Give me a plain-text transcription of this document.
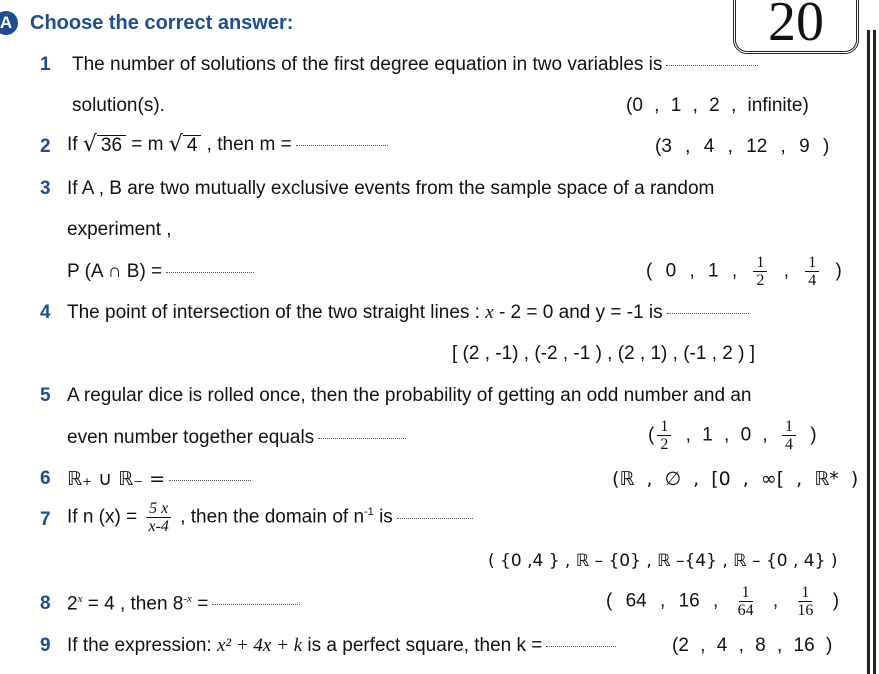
A Choose the correct answer:	20
1 The number of solutions of the first degree equation in two variables is
solution(s).	(0 , 1 , 2 , infinite)
2 If √ 36 = m √ 4 , then m =	(3 , 4 , 12 , 9 )
3 If A , B are two mutually exclusive events from the sample space of a random
experiment ,
P (A ∩ B) =	( 0 , 1 , $\frac{1}{2}$ , $\frac{1}{4}$ )
4 The point of intersection of the two straight lines : x - 2 = 0 and y = -1 is
[ (2 , -1) , (-2 , -1 ) , (2 , 1) , (-1 , 2 ) ]
5 A regular dice is rolled once, then the probability of getting an odd number and an
even number together equals	( $\frac{1}{2}$ , 1 , 0 , $\frac{1}{4}$ )
6 ℝ₊ ∪ ℝ₋ =	(ℝ , ∅ , [0 , ∞[ , ℝ* )
7 If n $(x) = \frac{5 x}{x-4}$ , then the domain of $n^{-1}$ is
( {0 ,4 } , ℝ – {0} , ℝ –{4} , ℝ – {0 , 4} )
8 $2^x = 4$ , then $8^{-x}$ =	( 64 , 16 , $\frac{1}{64}$ , $\frac{1}{16}$ )
9 If the expression: x² + 4x + k is a perfect square, then k =	(2 , 4 , 8 , 16 )
